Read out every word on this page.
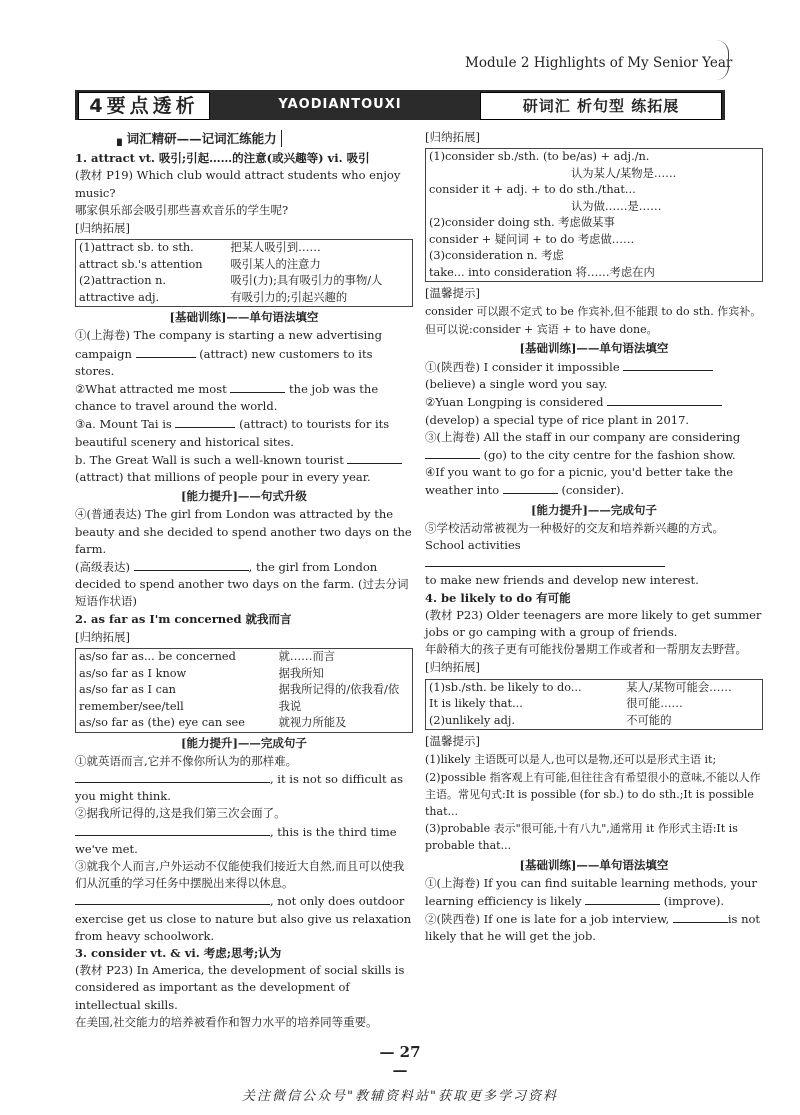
Module 2 Highlights of My Senior Year
4要点透析	YAODIANTOUXI	研词汇 析句型 练拓展
▖词汇精研——记词汇练能力

1. attract vt. 吸引;引起……的注意(或兴趣等) vi. 吸引

(教材 P19) Which club would attract students who enjoy music?

哪家俱乐部会吸引那些喜欢音乐的学生呢?

[归纳拓展]
(1)attract sb. to sth.	把某人吸引到……
attract sb.'s attention	吸引某人的注意力
(2)attraction n.	吸引(力);具有吸引力的事物/人
attractive adj.	有吸引力的;引起兴趣的
[基础训练]——单句语法填空

①(上海卷) The company is starting a new advertising campaign	(attract) new customers to its stores.

②What attracted me most	the job was the chance to travel around the world.

③a. Mount Tai is	(attract) to tourists for its beautiful scenery and historical sites.

b. The Great Wall is such a well-known tourist  (attract) that millions of people pour in every year.

[能力提升]——句式升级

④(普通表达) The girl from London was attracted by the beauty and she decided to spend another two days on the farm.

(高级表达)	, the girl from London decided to spend another two days on the farm. (过去分词短语作状语)

2. as far as I'm concerned 就我而言

[归纳拓展]
as/so far as... be concerned	就……而言
as/so far as I know	据我所知
as/so far as I can remember/see/tell	据我所记得的/依我看/依我说
as/so far as (the) eye can see	就视力所能及
[能力提升]——完成句子

①就英语而言,它并不像你所认为的那样难。

, it is not so difficult as you might think.

②据我所记得的,这是我们第三次会面了。

, this is the third time we've met.

③就我个人而言,户外运动不仅能使我们接近大自然,而且可以使我们从沉重的学习任务中摆脱出来得以休息。

, not only does outdoor exercise get us close to nature but also give us relaxation from heavy schoolwork.

3. consider vt. & vi. 考虑;思考;认为

(教材 P23) In America, the development of social skills is considered as important as the development of intellectual skills.

在美国,社交能力的培养被看作和智力水平的培养同等重要。

[归纳拓展]
(1)consider sb./sth. (to be/as) + adj./n.
认为某人/某物是……
consider it + adj. + to do sth./that...
认为做……是……
(2)consider doing sth. 考虑做某事
consider + 疑问词 + to do 考虑做……
(3)consideration n. 考虑
take... into consideration 将……考虑在内
[温馨提示]

consider 可以跟不定式 to be 作宾补,但不能跟 to do sth. 作宾补。但可以说:consider + 宾语 + to have done。

[基础训练]——单句语法填空

①(陕西卷) I consider it impossible  (believe) a single word you say.

②Yuan Longping is considered  (develop) a special type of rice plant in 2017.

③(上海卷) All the staff in our company are considering  (go) to the city centre for the fashion show.

④If you want to go for a picnic, you'd better take the weather into	(consider).

[能力提升]——完成句子

⑤学校活动常被视为一种极好的交友和培养新兴趣的方式。

School activities

to make new friends and develop new interest.

4. be likely to do 有可能

(教材 P23) Older teenagers are more likely to get summer jobs or go camping with a group of friends.

年龄稍大的孩子更有可能找份暑期工作或者和一帮朋友去野营。

[归纳拓展]
(1)sb./sth. be likely to do...	某人/某物可能会……
It is likely that...	很可能……
(2)unlikely adj.	不可能的
[温馨提示]

(1)likely 主语既可以是人,也可以是物,还可以是形式主语 it;

(2)possible 指客观上有可能,但往往含有希望很小的意味,不能以人作主语。常见句式:It is possible (for sb.) to do sth.;It is possible that...

(3)probable 表示"很可能,十有八九",通常用 it 作形式主语:It is probable that...

[基础训练]——单句语法填空

①(上海卷) If you can find suitable learning methods, your learning efficiency is likely	(improve).

②(陕西卷) If one is late for a job interview,	is not likely that he will get the job.

— 27 —
关注微信公众号"教辅资料站"获取更多学习资料
